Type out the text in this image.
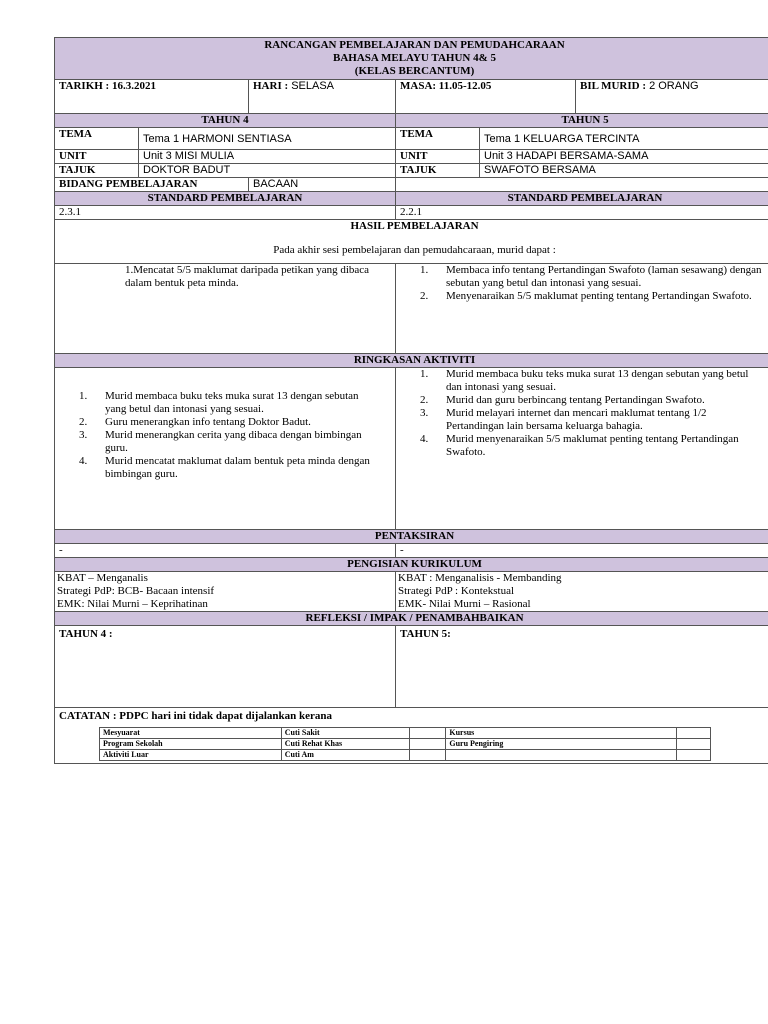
RANCANGAN PEMBELAJARAN DAN PEMUDAHCARAAN
BAHASA MELAYU TAHUN 4& 5
(KELAS BERCANTUM)

TARIKH : 16.3.2021	HARI : SELASA	MASA: 11.05-12.05	BIL MURID : 2 ORANG
TAHUN 4	TAHUN 5
TEMA	Tema 1 HARMONI SENTIASA	TEMA	Tema 1 KELUARGA TERCINTA
UNIT	Unit 3 MISI MULIA	UNIT	Unit 3 HADAPI BERSAMA-SAMA
TAJUK	DOKTOR BADUT	TAJUK	SWAFOTO BERSAMA
BIDANG PEMBELAJARAN	BACAAN	
STANDARD PEMBELAJARAN	STANDARD PEMBELAJARAN
2.3.1	2.2.1

HASIL PEMBELAJARAN
Pada akhir sesi pembelajaran dan pemudahcaraan, murid dapat :

1.Mencatat 5/5 maklumat daripada petikan yang dibaca dalam bentuk peta minda.	
1. Membaca info tentang Pertandingan Swafoto (laman sesawang) dengan sebutan yang betul dan intonasi yang sesuai.
2. Menyenaraikan 5/5 maklumat penting tentang Pertandingan Swafoto.

RINGKASAN AKTIVITI

1. Murid membaca buku teks muka surat 13 dengan sebutan yang betul dan intonasi yang sesuai.
2. Guru menerangkan info tentang Doktor Badut.
3. Murid menerangkan cerita yang dibaca dengan bimbingan guru.
4. Murid mencatat maklumat dalam bentuk peta minda dengan bimbingan guru.

1. Murid membaca buku teks muka surat 13 dengan sebutan yang betul dan intonasi yang sesuai.
2. Murid dan guru berbincang tentang Pertandingan Swafoto.
3. Murid melayari internet dan mencari maklumat tentang 1/2 Pertandingan lain bersama keluarga bahagia.
4. Murid menyenaraikan 5/5 maklumat penting tentang Pertandingan Swafoto.

PENTAKSIRAN
-	-
PENGISIAN KURIKULUM

KBAT – Menganalis
Strategi PdP: BCB- Bacaan intensif
EMK: Nilai Murni – Keprihatinan

KBAT : Menganalisis - Membanding
Strategi PdP : Kontekstual
EMK- Nilai Murni – Rasional

REFLEKSI / IMPAK / PENAMBAHBAIKAN
TAHUN 4 :	TAHUN 5:

CATATAN : PDPC hari ini tidak dapat dijalankan kerana
Mesyuarat	Cuti Sakit		Kursus	
Program Sekolah	Cuti Rehat Khas		Guru Pengiring	
Aktiviti Luar	Cuti Am			
